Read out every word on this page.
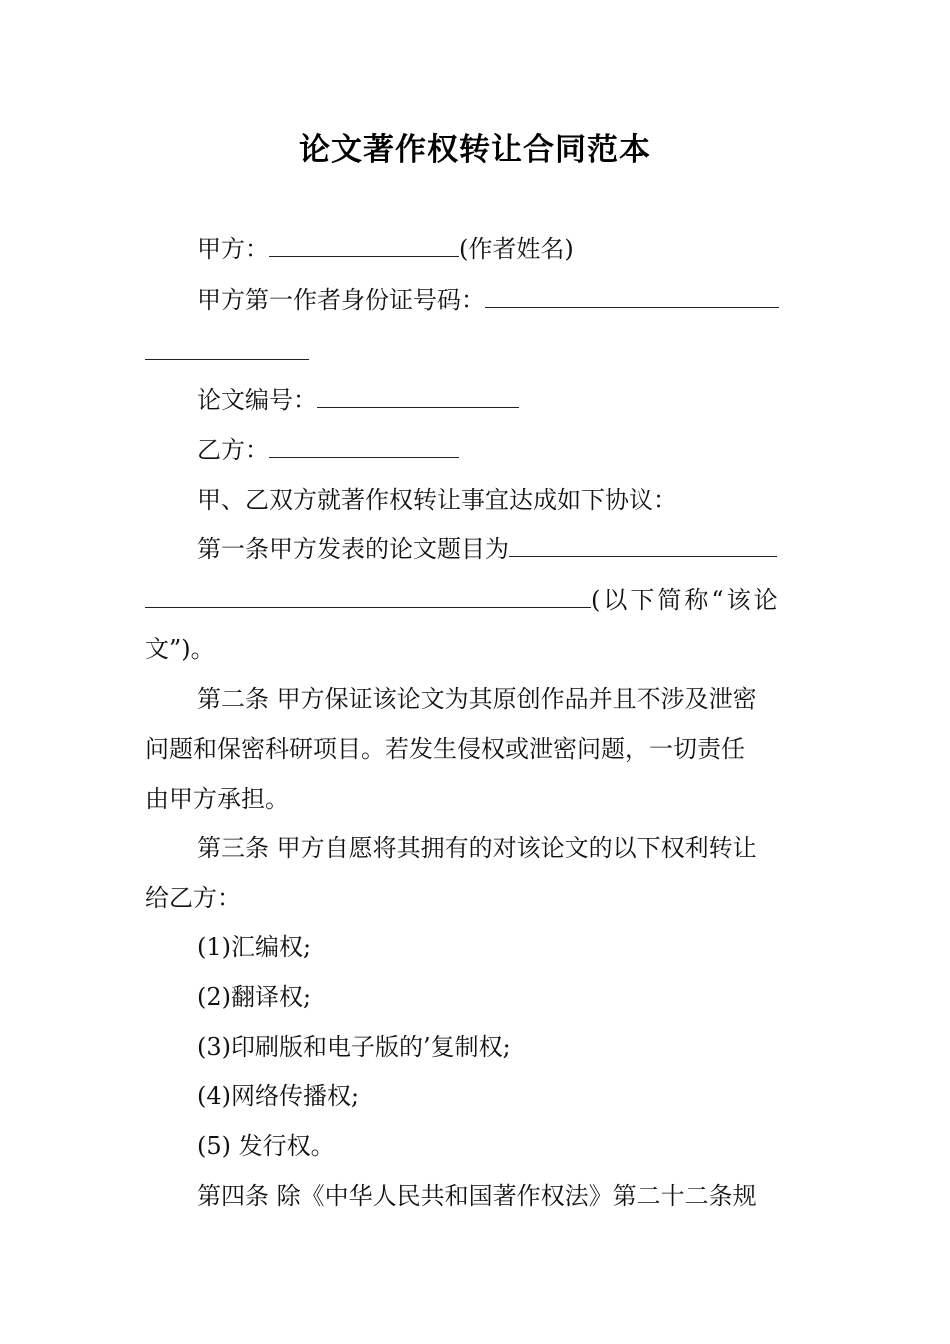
论文著作权转让合同范本
甲方：	(作者姓名)
甲方第一作者身份证号码：
论文编号：
乙方：
甲、乙双方就著作权转让事宜达成如下协议：
第一条甲方发表的论文题目为
(以下简称“该论
文”)。
第二条 甲方保证该论文为其原创作品并且不涉及泄密
问题和保密科研项目。若发生侵权或泄密问题，一切责任
由甲方承担。
第三条 甲方自愿将其拥有的对该论文的以下权利转让
给乙方：
(1)汇编权;
(2)翻译权;
(3)印刷版和电子版的’复制权;
(4)网络传播权;
(5) 发行权。
第四条 除《中华人民共和国著作权法》第二十二条规
